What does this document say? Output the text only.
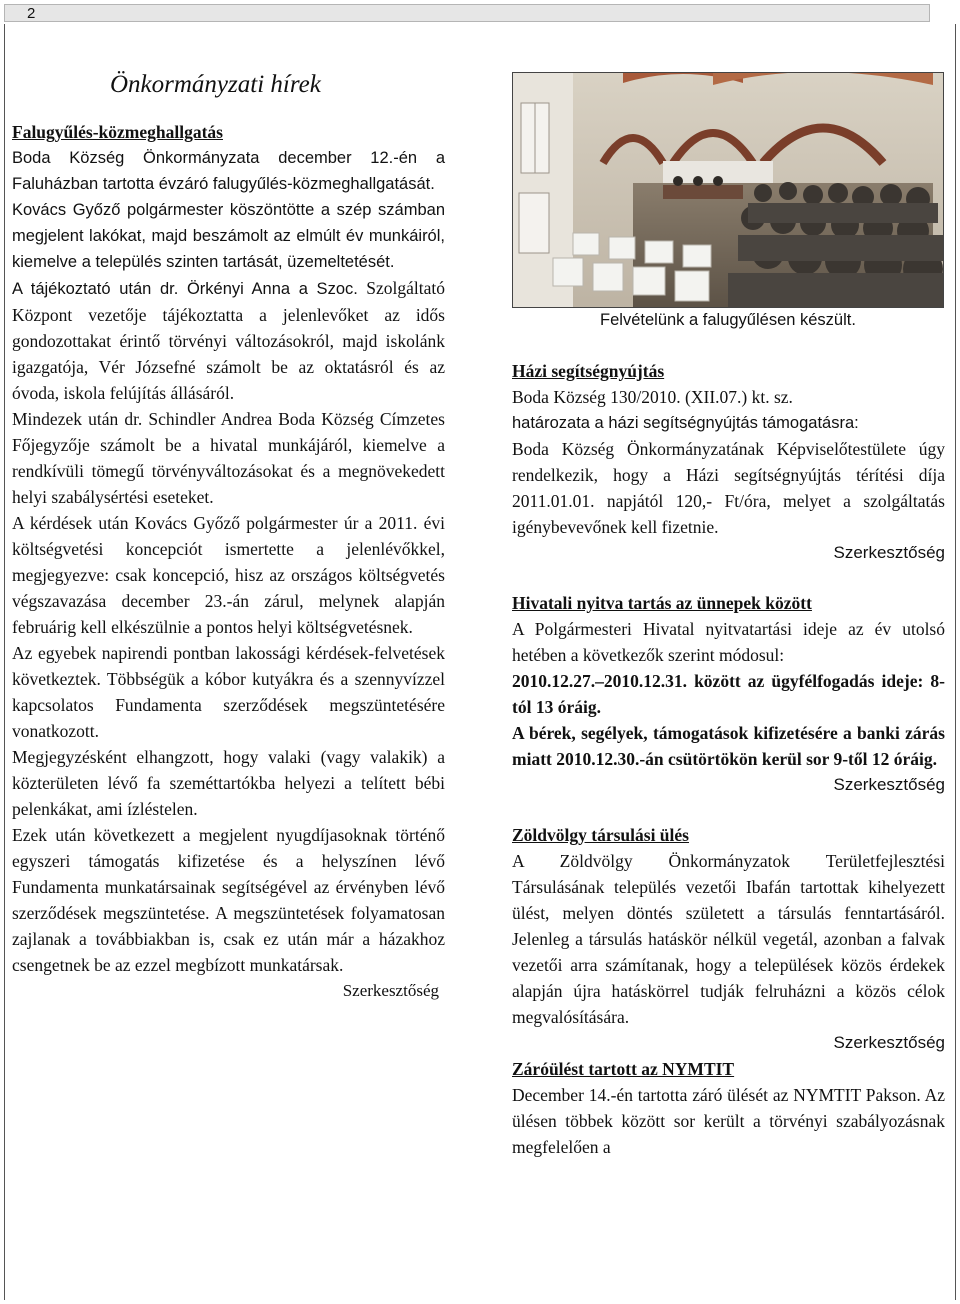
2
Önkormányzati hírek

Falugyűlés-közmeghallgatás

Boda Község Önkormányzata december 12.-én a Faluházban tartotta évzáró falugyűlés-közmeghallgatását.

Kovács Győző polgármester köszöntötte a szép számban megjelent lakókat, majd beszámolt az elmúlt év munkáiról, kiemelve a település szinten tartását, üzemeltetését.

A tájékoztató után dr. Örkényi Anna a Szoc. Szolgáltató Központ vezetője tájékoztatta a jelenlevőket az idős gondozottakat érintő törvényi változásokról, majd iskolánk igazgatója, Vér Józsefné számolt be az oktatásról és az óvoda, iskola felújítás állásáról.

Mindezek után dr. Schindler Andrea Boda Község Címzetes Főjegyzője számolt be a hivatal munkájáról, kiemelve a rendkívüli tömegű törvényváltozásokat és a megnövekedett helyi szabálysértési eseteket.

A kérdések után Kovács Győző polgármester úr a 2011. évi költségvetési koncepciót ismertette a jelenlévőkkel, megjegyezve: csak koncepció, hisz az országos költségvetés végszavazása december 23.-án zárul, melynek alapján februárig kell elkészülnie a pontos helyi költségvetésnek.

Az egyebek napirendi pontban lakossági kérdések-felvetések következtek. Többségük a kóbor kutyákra és a szennyvízzel kapcsolatos Fundamenta szerződések megszüntetésére vonatkozott.

Megjegyzésként elhangzott, hogy valaki (vagy valakik) a közterületen lévő fa szeméttartókba helyezi a telített bébi pelenkákat, ami ízléstelen.

Ezek után következett a megjelent nyugdíjasoknak történő egyszeri támogatás kifizetése és a helyszínen lévő Fundamenta munkatársainak segítségével az érvényben lévő szerződések megszüntetése. A megszüntetések folyamatosan zajlanak a továbbiakban is, csak ez után már a házakhoz csengetnek be az ezzel megbízott munkatársak.

Szerkesztőség

Felvételünk a falugyűlésen készült.

Házi segítségnyújtás

Boda Község 130/2010. (XII.07.) kt. sz.

határozata a házi segítségnyújtás támogatásra:

Boda Község Önkormányzatának Képviselőtestülete úgy rendelkezik, hogy a Házi segítségnyújtás térítési díja 2011.01.01. napjától 120,- Ft/óra, melyet a szolgáltatás igénybevevőnek kell fizetnie.

Szerkesztőség

Hivatali nyitva tartás az ünnepek között

A Polgármesteri Hivatal nyitvatartási ideje az év utolsó hetében a következők szerint módosul:

2010.12.27.–2010.12.31. között az ügyfélfogadás ideje: 8-tól 13 óráig.

A bérek, segélyek, támogatások kifizetésére a banki zárás miatt 2010.12.30.-án csütörtökön kerül sor 9-től 12 óráig.

Szerkesztőség

Zöldvölgy társulási ülés

A Zöldvölgy Önkormányzatok Területfejlesztési Társulásának település vezetői Ibafán tartottak kihelyezett ülést, melyen döntés született a társulás fenntartásáról. Jelenleg a társulás hatáskör nélkül vegetál, azonban a falvak vezetői arra számítanak, hogy a települések közös érdekek alapján újra hatáskörrel tudják felruházni a közös célok megvalósítására.

Szerkesztőség

Záróülést tartott az NYMTIT

December 14.-én tartotta záró ülését az NYMTIT Pakson. Az ülésen többek között sor került a törvényi szabályozásnak megfelelően a
